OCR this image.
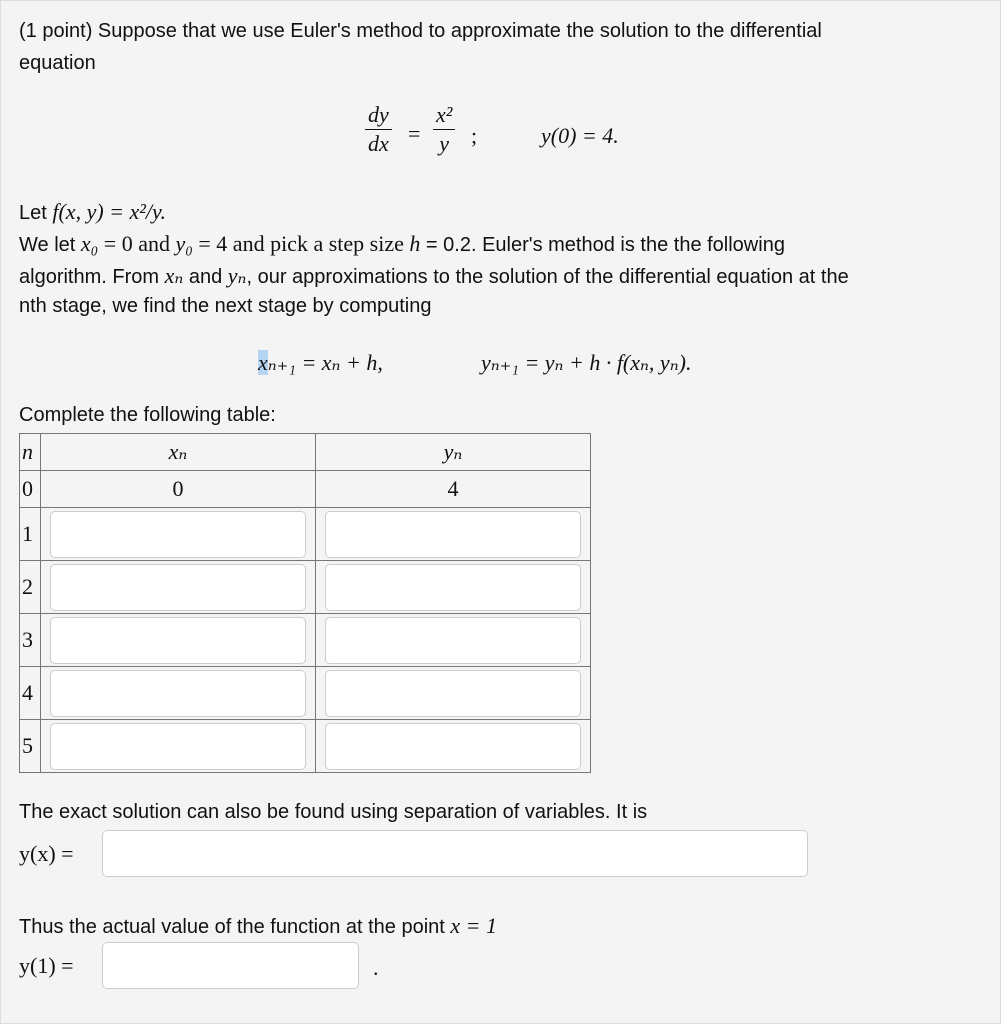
(1 point) Suppose that we use Euler's method to approximate the solution to the differential
equation
$\frac{dy}{dx} = \frac{\text{x²}}{y}$ ;	y(0) = 4.
Let f(x, y) = x²/y.
We let x₀ = 0 and y₀ = 4 and pick a step size h = 0.2. Euler's method is the the following
algorithm. From xₙ and yₙ, our approximations to the solution of the differential equation at the
nth stage, we find the next stage by computing
xₙ₊₁ = xₙ + h,	yₙ₊₁ = yₙ + h · f(xₙ, yₙ).
Complete the following table:
n	xₙ	yₙ
0	0	4
1		
2		
3		
4		
5		
The exact solution can also be found using separation of variables. It is
y(x) =
Thus the actual value of the function at the point x = 1
y(1) =	.
